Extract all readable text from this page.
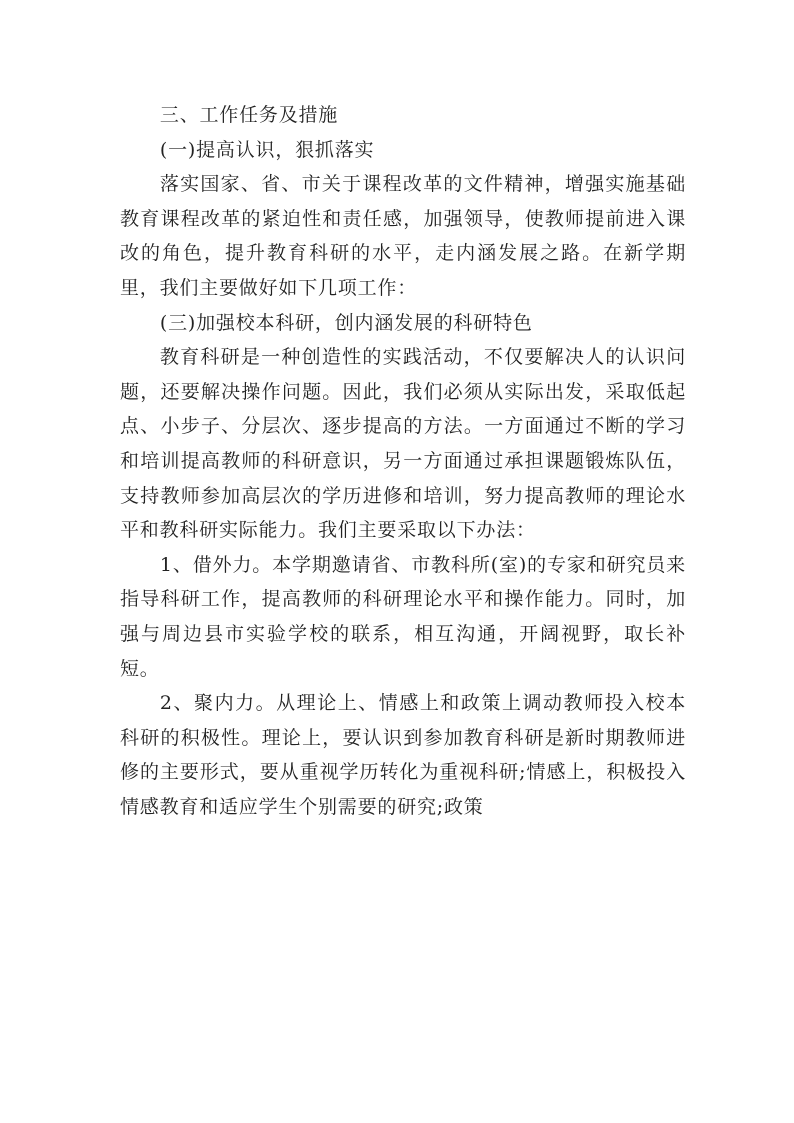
三、工作任务及措施

(一)提高认识，狠抓落实

落实国家、省、市关于课程改革的文件精神，增强实施基础教育课程改革的紧迫性和责任感，加强领导，使教师提前进入课改的角色，提升教育科研的水平，走内涵发展之路。在新学期里，我们主要做好如下几项工作：

(三)加强校本科研，创内涵发展的科研特色

教育科研是一种创造性的实践活动，不仅要解决人的认识问题，还要解决操作问题。因此，我们必须从实际出发，采取低起点、小步子、分层次、逐步提高的方法。一方面通过不断的学习和培训提高教师的科研意识，另一方面通过承担课题锻炼队伍，支持教师参加高层次的学历进修和培训，努力提高教师的理论水平和教科研实际能力。我们主要采取以下办法：

1、借外力。本学期邀请省、市教科所(室)的专家和研究员来指导科研工作，提高教师的科研理论水平和操作能力。同时，加强与周边县市实验学校的联系，相互沟通，开阔视野，取长补短。

2、聚内力。从理论上、情感上和政策上调动教师投入校本科研的积极性。理论上，要认识到参加教育科研是新时期教师进修的主要形式，要从重视学历转化为重视科研;情感上，积极投入情感教育和适应学生个别需要的研究;政策
